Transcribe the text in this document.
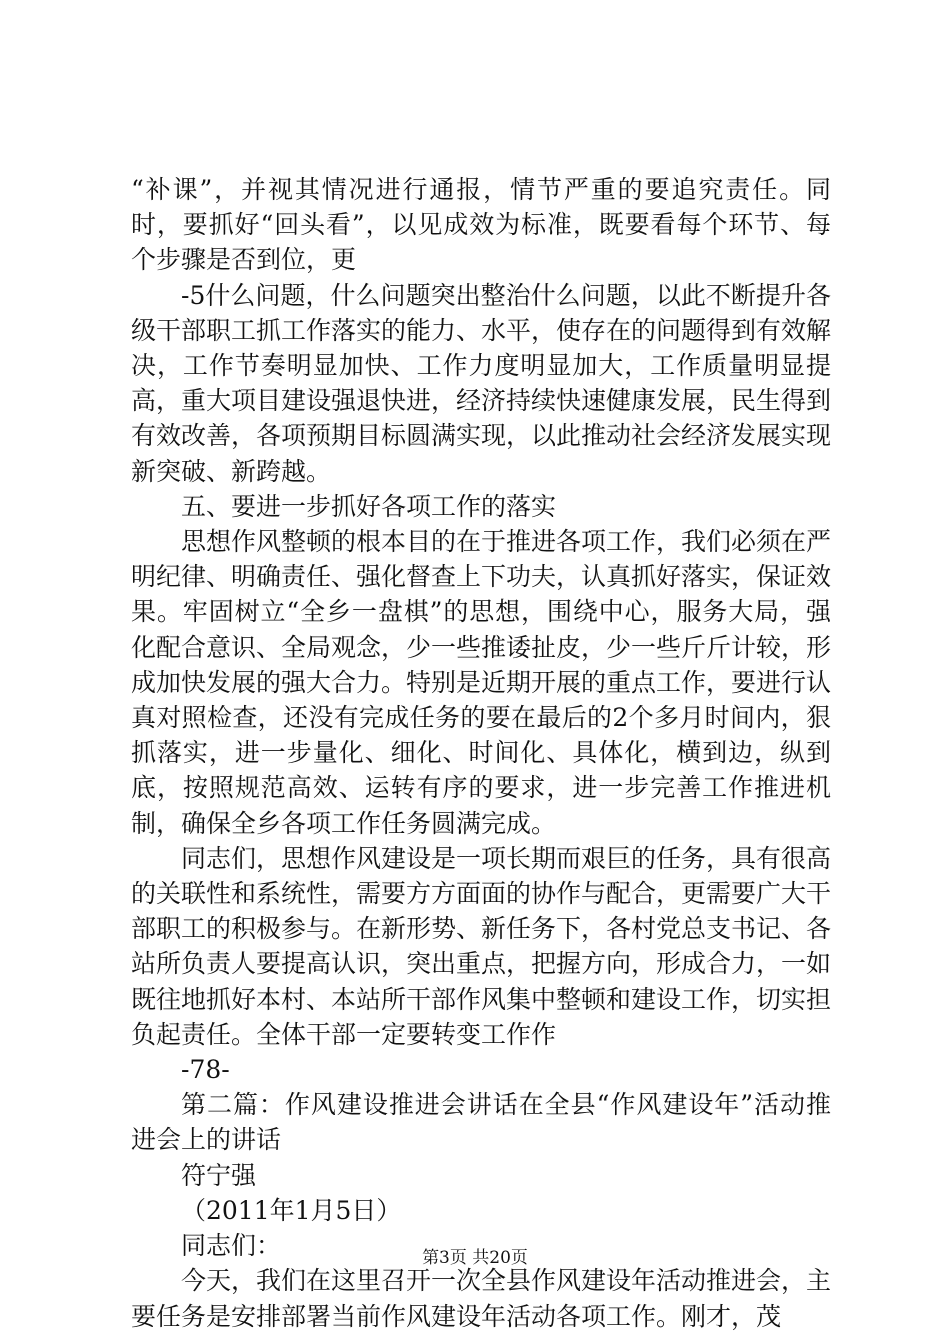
“补课”，并视其情况进行通报，情节严重的要追究责任。同时，要抓好“回头看”，以见成效为标准，既要看每个环节、每个步骤是否到位，更

-5什么问题，什么问题突出整治什么问题，以此不断提升各级干部职工抓工作落实的能力、水平，使存在的问题得到有效解决，工作节奏明显加快、工作力度明显加大，工作质量明显提高，重大项目建设强退快进，经济持续快速健康发展，民生得到有效改善，各项预期目标圆满实现，以此推动社会经济发展实现新突破、新跨越。

五、要进一步抓好各项工作的落实

思想作风整顿的根本目的在于推进各项工作，我们必须在严明纪律、明确责任、强化督查上下功夫，认真抓好落实，保证效果。牢固树立“全乡一盘棋”的思想，围绕中心，服务大局，强化配合意识、全局观念，少一些推诿扯皮，少一些斤斤计较，形成加快发展的强大合力。特别是近期开展的重点工作，要进行认真对照检查，还没有完成任务的要在最后的2个多月时间内，狠抓落实，进一步量化、细化、时间化、具体化，横到边，纵到底，按照规范高效、运转有序的要求，进一步完善工作推进机制，确保全乡各项工作任务圆满完成。

同志们，思想作风建设是一项长期而艰巨的任务，具有很高的关联性和系统性，需要方方面面的协作与配合，更需要广大干部职工的积极参与。在新形势、新任务下，各村党总支书记、各站所负责人要提高认识，突出重点，把握方向，形成合力，一如既往地抓好本村、本站所干部作风集中整顿和建设工作，切实担负起责任。全体干部一定要转变工作作

-78-

第二篇：作风建设推进会讲话在全县“作风建设年”活动推进会上的讲话

符宁强

（2011年1月5日）

同志们：

今天，我们在这里召开一次全县作风建设年活动推进会，主要任务是安排部署当前作风建设年活动各项工作。刚才，茂

第3页 共20页
